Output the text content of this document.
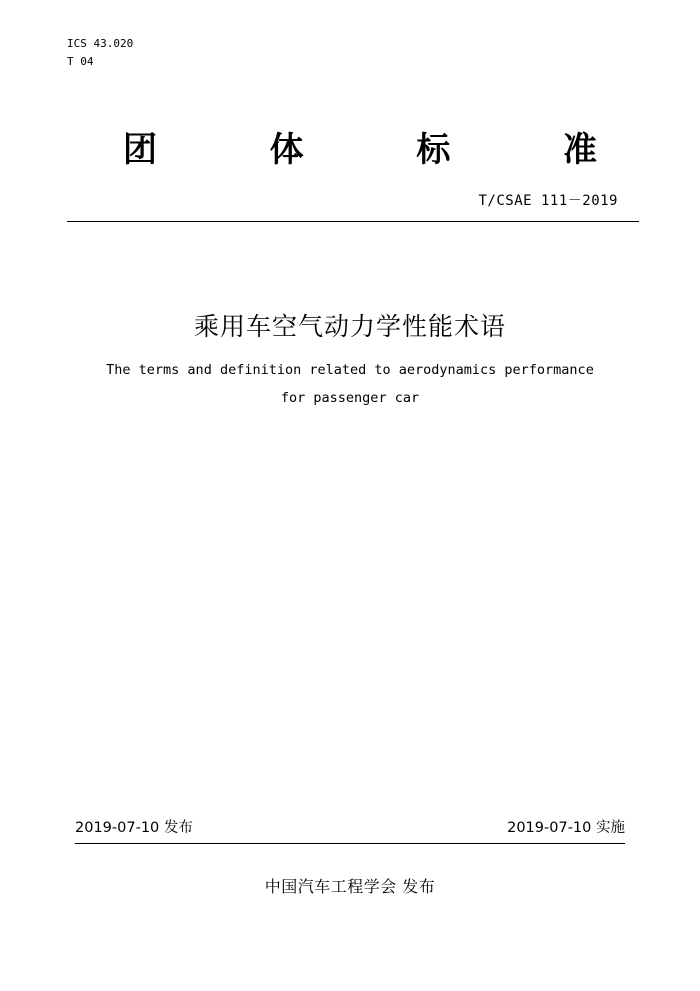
ICS 43.020
T 04
团	体	标	准
T/CSAE 111－2019
乘用车空气动力学性能术语
The terms and definition related to aerodynamics performance
for passenger car
2019-07-10 发布	2019-07-10 实施
中国汽车工程学会 发布
